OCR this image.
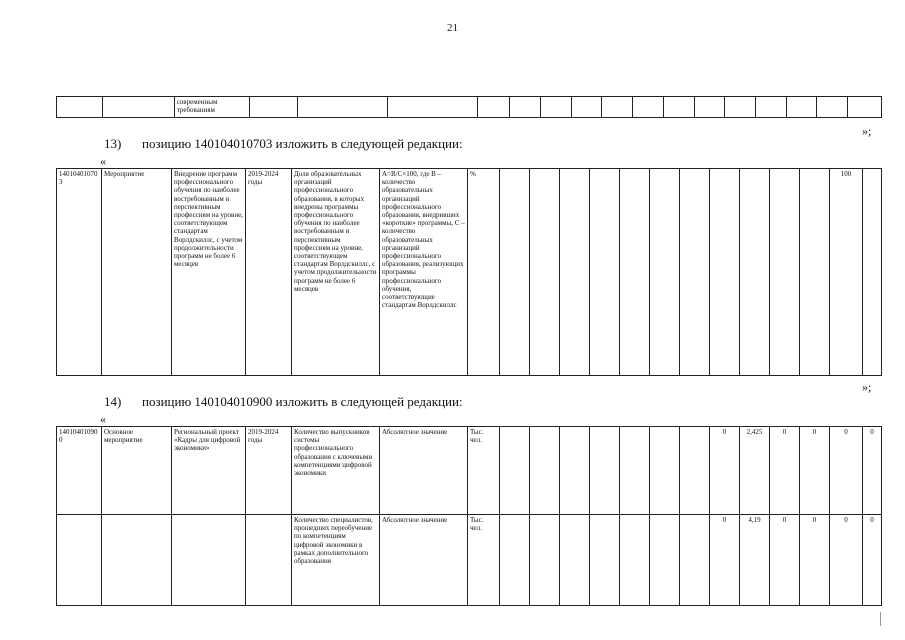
21
		современным требованиям																
»;
13) позицию 140104010703 изложить в следующей редакции:
«
140104010703	Мероприятие	Внедрение программ профессионального обучения по наиболее востребованным и перспективным профессиям на уровне, соответствующем стандартам Ворлдскиллс, с учетом продолжительности программ не более 6 месяцев	2019-2024 годы	Доля образовательных организаций профессионального образования, в которых внедрены программы профессионального обучения по наиболее востребованным и перспективным профессиям на уровне, соответствующем стандартам Ворлдскиллс, с учетом продолжительности программ не более 6 месяцев	A=B/C×100, где B – количество образовательных организаций профессионального образования, внедривших «короткие» программы, С – количество образовательных организаций профессионального образования, реализующих программы профессионального обучения, соответствующие стандартам Ворлдскиллс	%												100	
»;
14) позицию 140104010900 изложить в следующей редакции:
«
140104010900	Основное мероприятие	Региональный проект «Кадры для цифровой экономики»	2019-2024 годы	Количество выпускников системы профессионального образования с ключевыми компетенциями цифровой экономики	Абсолютное значение	Тыс. чел.								0	2,425	0	0	0	0
				Количество специалистов, прошедших переобучение по компетенциям цифровой экономики в рамках дополнительного образования	Абсолютное значение	Тыс. чел.								0	4,19	0	0	0	0
